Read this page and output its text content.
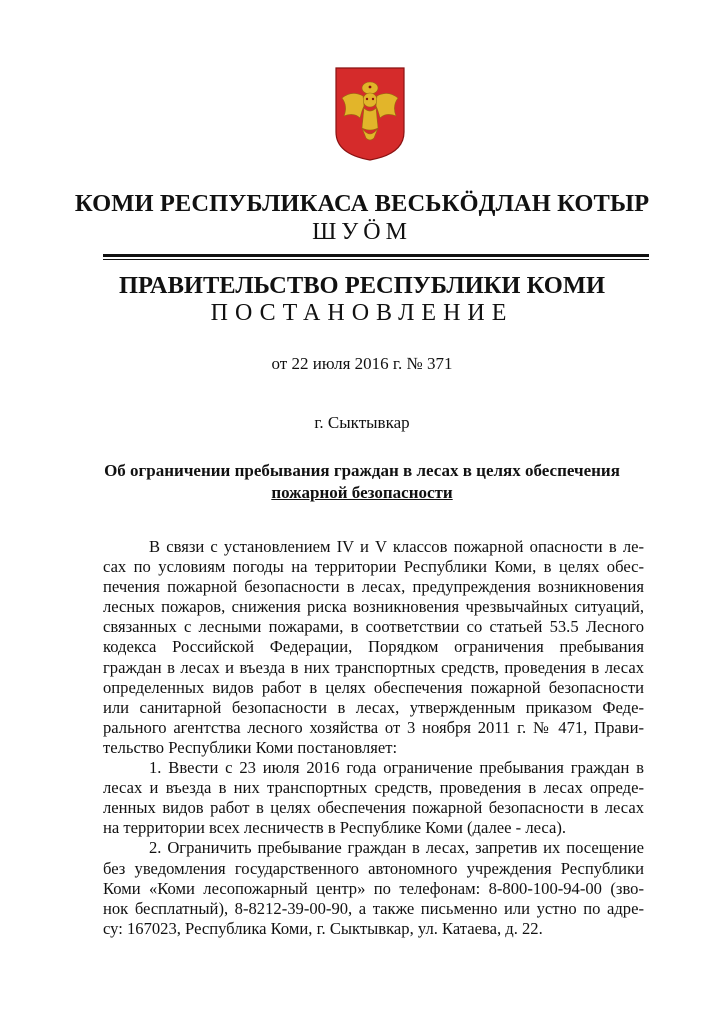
КОМИ РЕСПУБЛИКАСА ВЕСЬКӦДЛАН КОТЫР
ШУӦМ
ПРАВИТЕЛЬСТВО РЕСПУБЛИКИ КОМИ
ПОСТАНОВЛЕНИЕ
от 22 июля 2016 г. № 371
г. Сыктывкар
Об ограничении пребывания граждан в лесах в целях обеспечения
пожарной безопасности
В связи с установлением IV и V классов пожарной опасности в ле-
сах по условиям погоды на территории Республики Коми, в целях обес-
печения пожарной безопасности в лесах, предупреждения возникновения
лесных пожаров, снижения риска возникновения чрезвычайных ситуаций,
связанных с лесными пожарами, в соответствии со статьей 53.5 Лесного
кодекса Российской Федерации, Порядком ограничения пребывания
граждан в лесах и въезда в них транспортных средств, проведения в лесах
определенных видов работ в целях обеспечения пожарной безопасности
или санитарной безопасности в лесах, утвержденным приказом Феде-
рального агентства лесного хозяйства от 3 ноября 2011 г. № 471, Прави-
тельство Республики Коми постановляет:
1. Ввести с 23 июля 2016 года ограничение пребывания граждан в
лесах и въезда в них транспортных средств, проведения в лесах опреде-
ленных видов работ в целях обеспечения пожарной безопасности в лесах
на территории всех лесничеств в Республике Коми (далее - леса).
2. Ограничить пребывание граждан в лесах, запретив их посещение
без уведомления государственного автономного учреждения Республики
Коми «Коми лесопожарный центр» по телефонам: 8-800-100-94-00 (зво-
нок бесплатный), 8-8212-39-00-90, а также письменно или устно по адре-
су: 167023, Республика Коми, г. Сыктывкар, ул. Катаева, д. 22.
